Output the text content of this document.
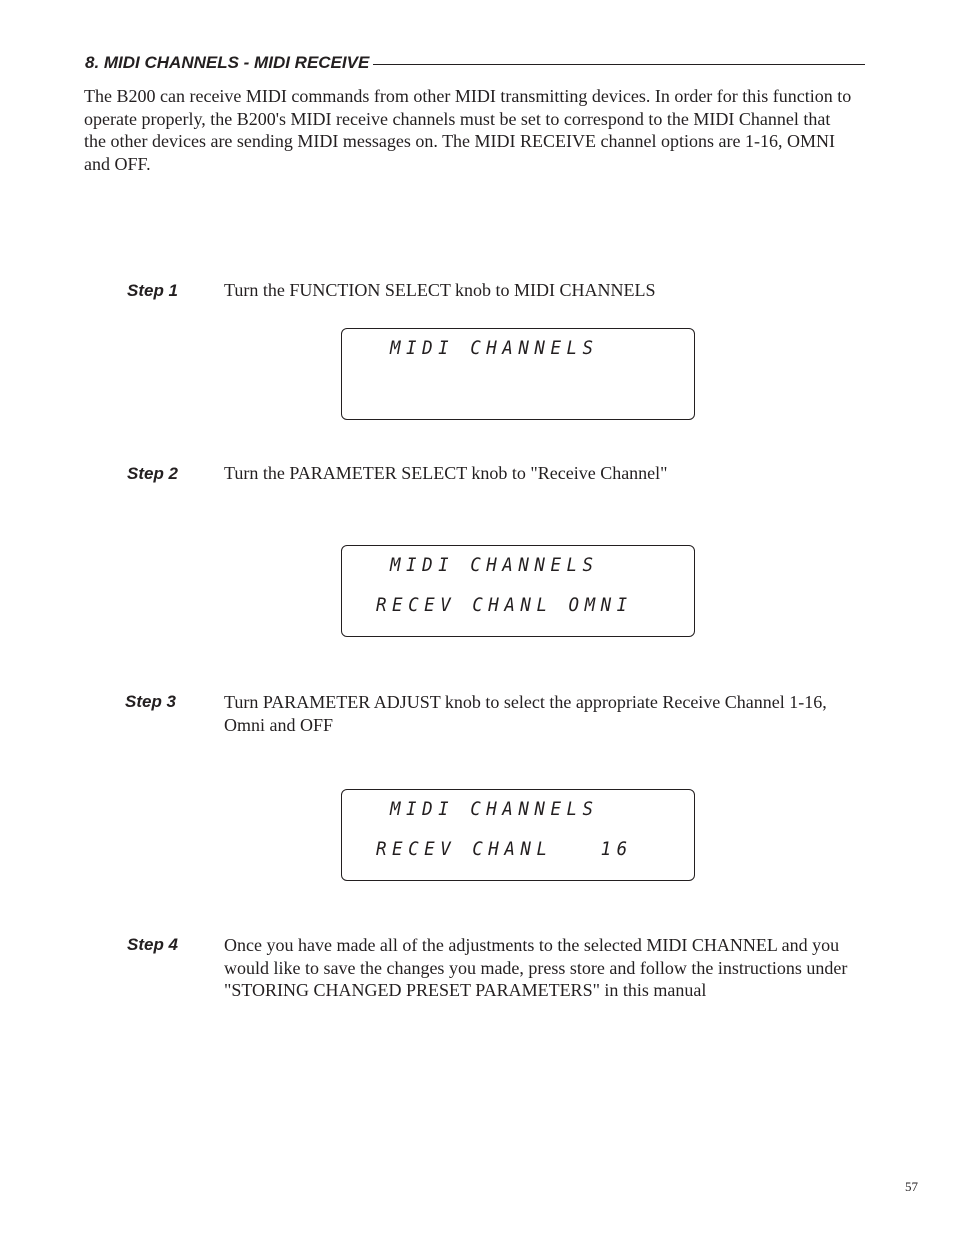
8. MIDI CHANNELS - MIDI RECEIVE

The B200 can receive MIDI commands from other MIDI transmitting devices. In order for this function to operate properly, the B200's MIDI receive channels must be set to correspond to the MIDI Channel that the other devices are sending MIDI messages on. The MIDI RECEIVE channel options are 1-16, OMNI and OFF.

Step 1	Turn the FUNCTION SELECT knob to MIDI CHANNELS

MIDI CHANNELS
Step 2	Turn the PARAMETER SELECT knob to "Receive Channel"

MIDI CHANNELS
RECEV CHANL OMNI
Step 3	Turn PARAMETER ADJUST knob to select the appropriate Receive Channel 1-16, Omni and OFF

MIDI CHANNELS
RECEV CHANL   16
Step 4	Once you have made all of the adjustments to the selected MIDI CHANNEL and you would like to save the changes you made, press store and follow the instructions under "STORING CHANGED PRESET PARAMETERS" in this manual

57
